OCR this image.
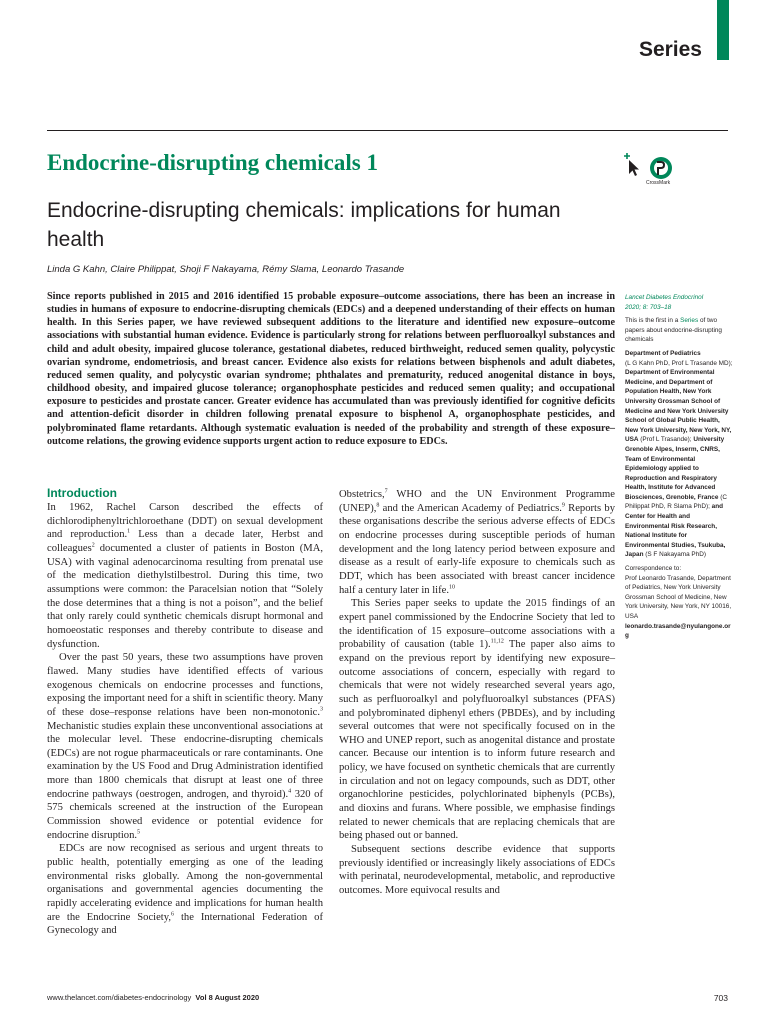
Series
Endocrine-disrupting chemicals 1
CrossMark
Endocrine-disrupting chemicals: implications for human health
Linda G Kahn, Claire Philippat, Shoji F Nakayama, Rémy Slama, Leonardo Trasande
Since reports published in 2015 and 2016 identified 15 probable exposure–outcome associations, there has been an increase in studies in humans of exposure to endocrine-disrupting chemicals (EDCs) and a deepened understanding of their effects on human health. In this Series paper, we have reviewed subsequent additions to the literature and identified new exposure–outcome associations with substantial human evidence. Evidence is particularly strong for relations between perfluoroalkyl substances and child and adult obesity, impaired glucose tolerance, gestational diabetes, reduced birthweight, reduced semen quality, polycystic ovarian syndrome, endometriosis, and breast cancer. Evidence also exists for relations between bisphenols and adult diabetes, reduced semen quality, and polycystic ovarian syndrome; phthalates and prematurity, reduced anogenital distance in boys, childhood obesity, and impaired glucose tolerance; organophosphate pesticides and reduced semen quality; and occupational exposure to pesticides and prostate cancer. Greater evidence has accumulated than was previously identified for cognitive deficits and attention-deficit disorder in children following prenatal exposure to bisphenol A, organophosphate pesticides, and polybrominated flame retardants. Although systematic evaluation is needed of the probability and strength of these exposure–outcome relations, the growing evidence supports urgent action to reduce exposure to EDCs.
Introduction

In 1962, Rachel Carson described the effects of dichlorodiphenyltrichloroethane (DDT) on sexual development and reproduction.$^1$ Less than a decade later, Herbst and colleagues$^2$ documented a cluster of patients in Boston (MA, USA) with vaginal adenocarcinoma resulting from prenatal use of the medication diethylstilbestrol. During this time, two assumptions were common: the Paracelsian notion that “Solely the dose determines that a thing is not a poison”, and the belief that only rarely could synthetic chemicals disrupt hormonal and homoeostatic responses and thereby contribute to disease and dysfunction.

Over the past 50 years, these two assumptions have proven flawed. Many studies have identified effects of various exogenous chemicals on endocrine processes and functions, exposing the important need for a shift in scientific theory. Many of these dose–response relations have been non-monotonic.$^3$ Mechanistic studies explain these unconventional associations at the molecular level. These endocrine-disrupting chemicals (EDCs) are not rogue pharmaceuticals or rare contaminants. One examination by the US Food and Drug Administration identified more than 1800 chemicals that disrupt at least one of three endocrine pathways (oestrogen, androgen, and thyroid).$^4$ 320 of 575 chemicals screened at the instruction of the European Commission showed evidence or potential evidence for endocrine disruption.$^5$

EDCs are now recognised as serious and urgent threats to public health, potentially emerging as one of the leading environmental risks globally. Among the non-governmental organisations and governmental agencies documenting the rapidly accelerating evidence and implications for human health are the Endocrine Society,$^6$ the International Federation of Gynecology and

Obstetrics,$^7$ WHO and the UN Environment Programme (UNEP),$^8$ and the American Academy of Pediatrics.$^9$ Reports by these organisations describe the serious adverse effects of EDCs on endocrine processes during susceptible periods of human development and the long latency period between exposure and disease as a result of early-life exposure to chemicals such as DDT, which has been associated with breast cancer incidence half a century later in life.$^{10}$

This Series paper seeks to update the 2015 findings of an expert panel commissioned by the Endocrine Society that led to the identification of 15 exposure–outcome associations with a probability of causation (table 1).$^{11,12}$ The paper also aims to expand on the previous report by identifying new exposure–outcome associations of concern, especially with regard to chemicals that were not widely researched several years ago, such as perfluoroalkyl and polyfluoroalkyl substances (PFAS) and polybrominated diphenyl ethers (PBDEs), and by including several outcomes that were not specifically focused on in the WHO and UNEP report, such as anogenital distance and prostate cancer. Because our intention is to inform future research and policy, we have focused on synthetic chemicals that are currently in circulation and not on legacy compounds, such as DDT, other organochlorine pesticides, polychlorinated biphenyls (PCBs), and dioxins and furans. Where possible, we emphasise findings related to newer chemicals that are replacing chemicals that are being phased out or banned.

Subsequent sections describe evidence that supports previously identified or increasingly likely associations of EDCs with perinatal, neurodevelopmental, metabolic, and reproductive outcomes. More equivocal results and

Lancet Diabetes Endocrinol
2020; 8: 703–18
This is the first in a Series of two papers about endocrine-disrupting chemicals
Department of Pediatrics
(L G Kahn PhD, Prof L Trasande MD); Department of Environmental Medicine, and Department of Population Health, New York University Grossman School of Medicine and New York University School of Global Public Health, New York University, New York, NY, USA (Prof L Trasande); University Grenoble Alpes, Inserm, CNRS, Team of Environmental Epidemiology applied to Reproduction and Respiratory Health, Institute for Advanced Biosciences, Grenoble, France (C Philippat PhD, R Slama PhD); and Center for Health and Environmental Risk Research, National Institute for Environmental Studies, Tsukuba, Japan (S F Nakayama PhD)
Correspondence to:
Prof Leonardo Trasande, Department of Pediatrics, New York University Grossman School of Medicine, New York University, New York, NY 10016, USA
leonardo.trasande@nyulangone.org
www.thelancet.com/diabetes-endocrinology Vol 8 August 2020	703
